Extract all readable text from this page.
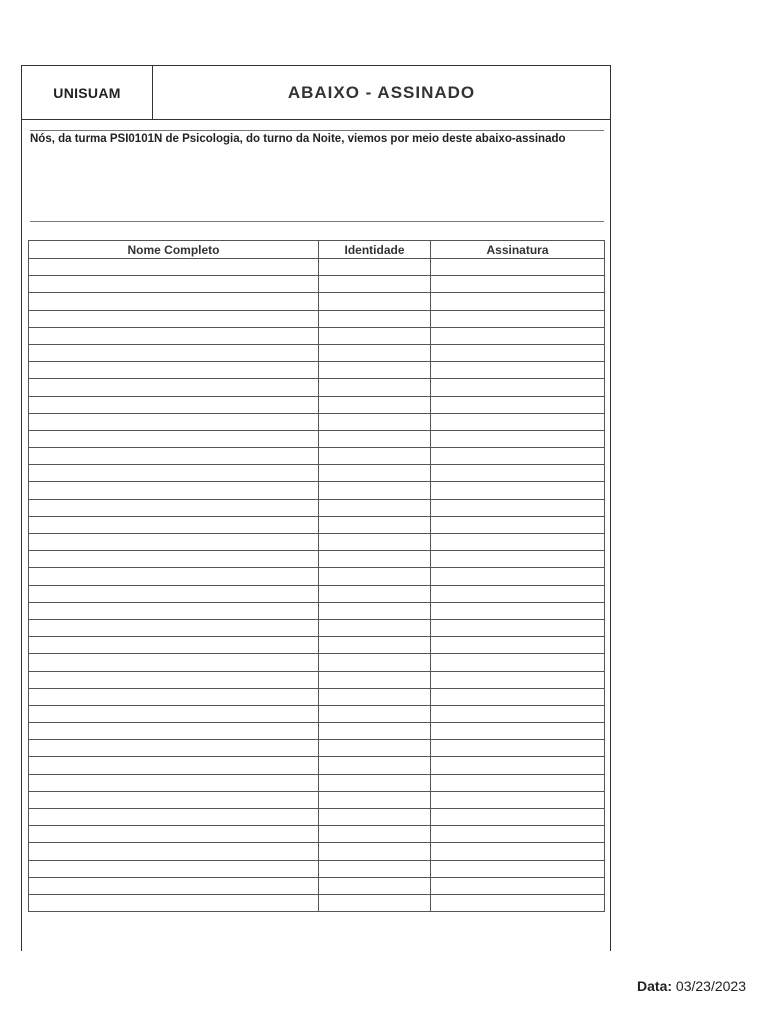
UNISUAM	ABAIXO - ASSINADO
Nós, da turma PSI0101N de Psicologia, do turno da Noite, viemos por meio deste abaixo-assinado
Nome Completo	Identidade	Assinatura

Data: 03/23/2023
